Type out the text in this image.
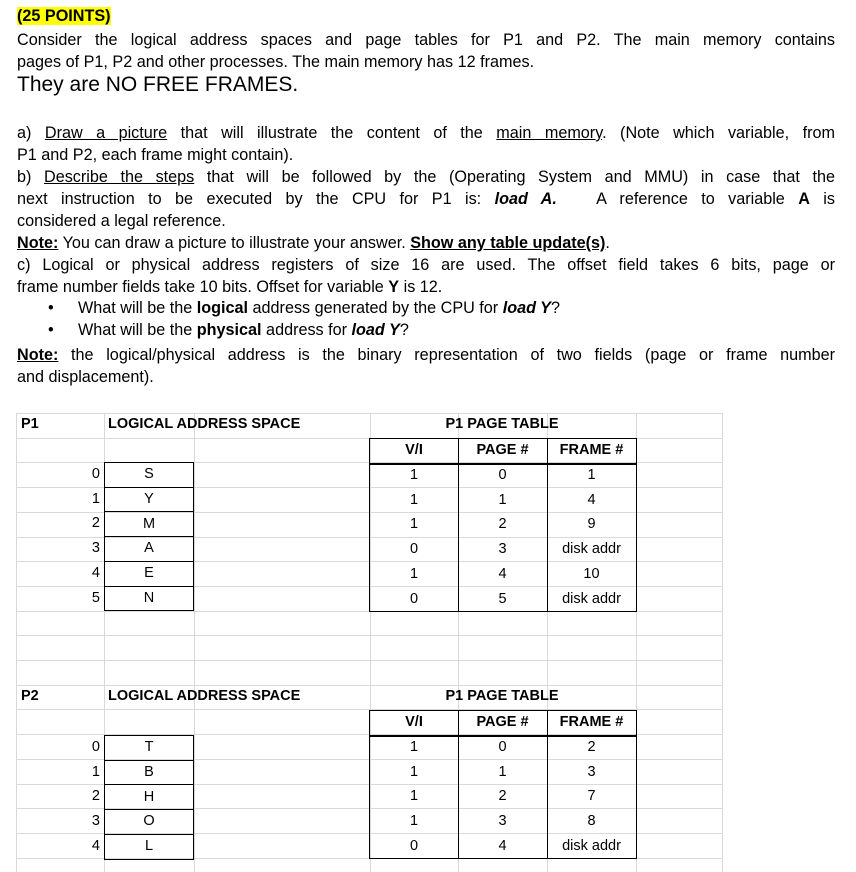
(25 POINTS)
Consider the logical address spaces and page tables for P1 and P2. The main memory contains
pages of P1, P2 and other processes. The main memory has 12 frames.
They are NO FREE FRAMES.
a) Draw a picture that will illustrate the content of the main memory. (Note which variable, from
P1 and P2, each frame might contain).
b) Describe the steps that will be followed by the (Operating System and MMU) in case that the
next instruction to be executed by the CPU for P1 is: load A.   A reference to variable A is
considered a legal reference.
Note: You can draw a picture to illustrate your answer. Show any table update(s).
c) Logical or physical address registers of size 16 are used. The offset field takes 6 bits, page or
frame number fields take 10 bits. Offset for variable Y is 12.
• What will be the logical address generated by the CPU for load Y?
• What will be the physical address for load Y?
Note: the logical/physical address is the binary representation of two fields (page or frame number
and displacement).
P1	LOGICAL ADDRESS SPACE	P1 PAGE TABLE
0	S
1	Y
2	M
3	A
4	E
5	N
V/I	PAGE #	FRAME #
1	0	1
1	1	4
1	2	9
0	3	disk addr
1	4	10
0	5	disk addr
P2	LOGICAL ADDRESS SPACE	P1 PAGE TABLE
0	T
1	B
2	H
3	O
4	L
V/I	PAGE #	FRAME #
1	0	2
1	1	3
1	2	7
1	3	8
0	4	disk addr
